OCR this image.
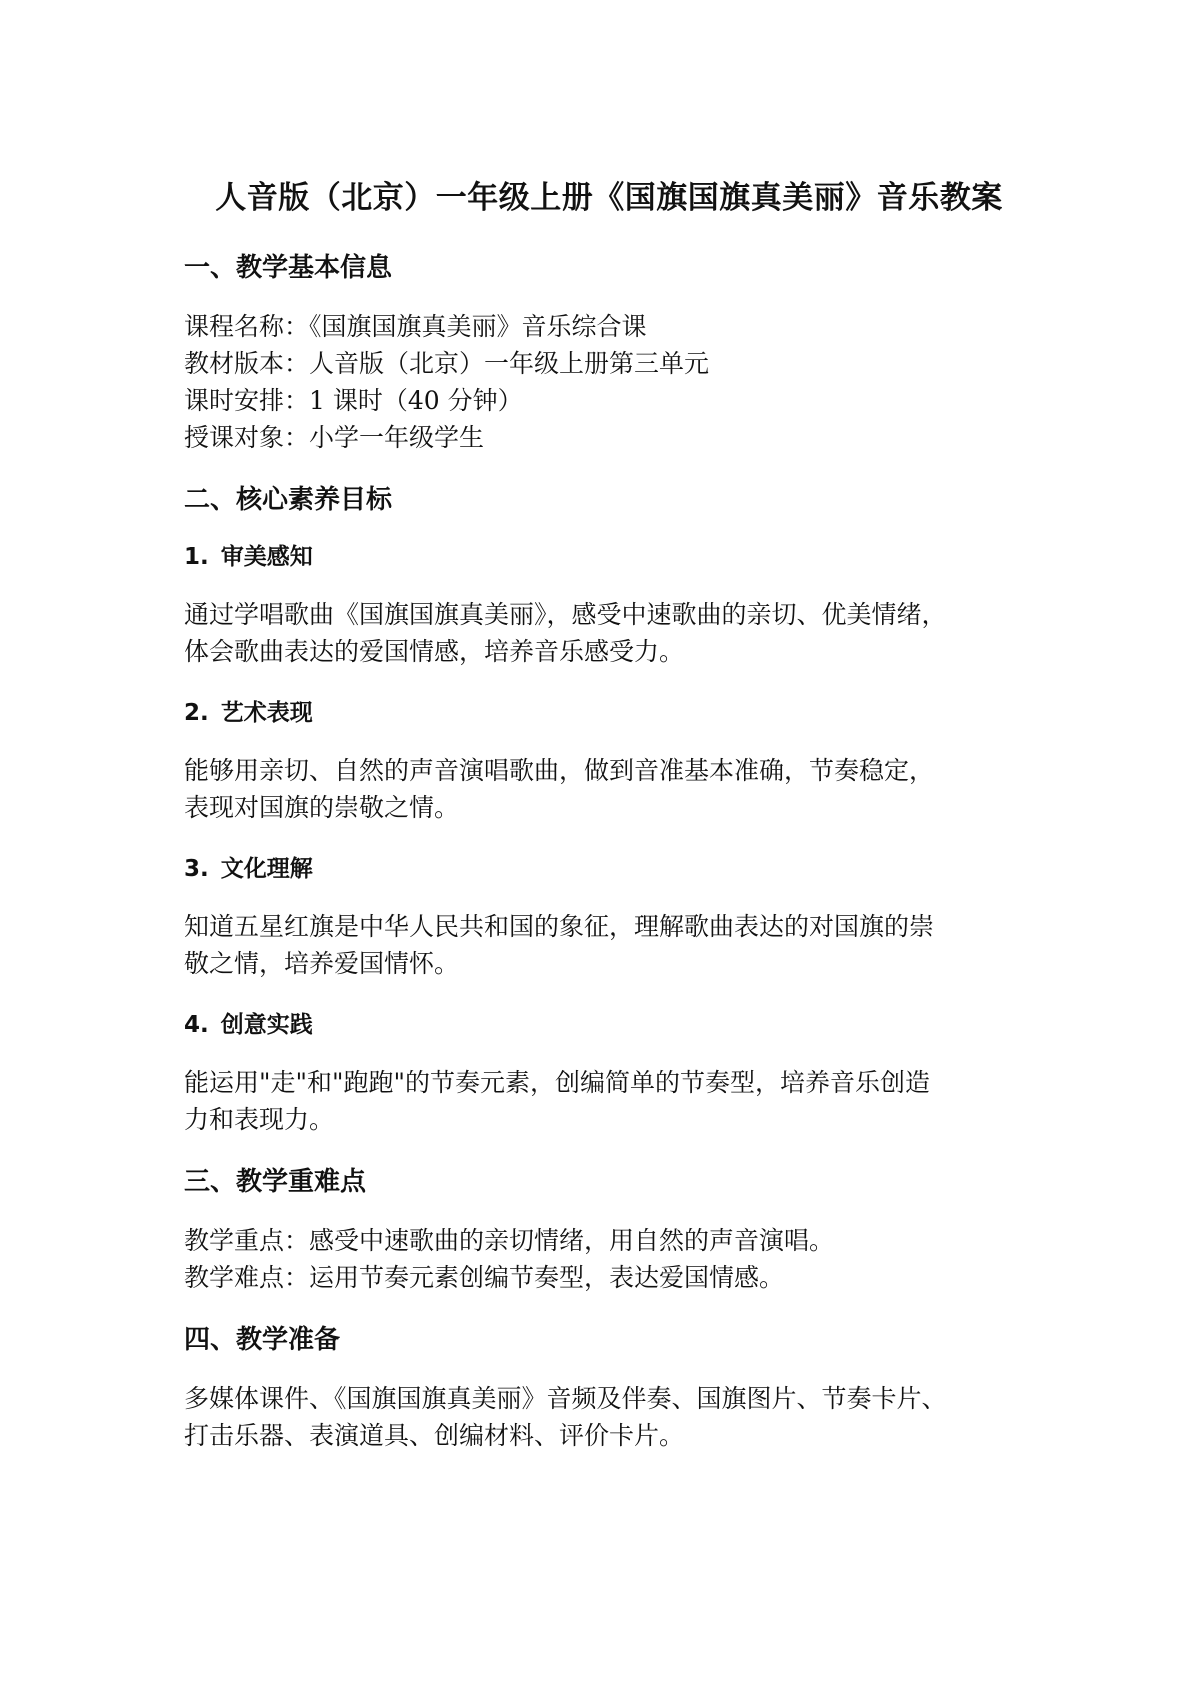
人音版（北京）一年级上册《国旗国旗真美丽》音乐教案
一、教学基本信息

课程名称：《国旗国旗真美丽》音乐综合课

教材版本：人音版（北京）一年级上册第三单元

课时安排：1 课时（40 分钟）

授课对象：小学一年级学生

二、核心素养目标
1. 审美感知

通过学唱歌曲《国旗国旗真美丽》，感受中速歌曲的亲切、优美情绪，

体会歌曲表达的爱国情感，培养音乐感受力。

2. 艺术表现

能够用亲切、自然的声音演唱歌曲，做到音准基本准确，节奏稳定，

表现对国旗的崇敬之情。

3. 文化理解

知道五星红旗是中华人民共和国的象征，理解歌曲表达的对国旗的崇

敬之情，培养爱国情怀。

4. 创意实践

能运用"走"和"跑跑"的节奏元素，创编简单的节奏型，培养音乐创造

力和表现力。

三、教学重难点

教学重点：感受中速歌曲的亲切情绪，用自然的声音演唱。

教学难点：运用节奏元素创编节奏型，表达爱国情感。

四、教学准备

多媒体课件、《国旗国旗真美丽》音频及伴奏、国旗图片、节奏卡片、

打击乐器、表演道具、创编材料、评价卡片。
